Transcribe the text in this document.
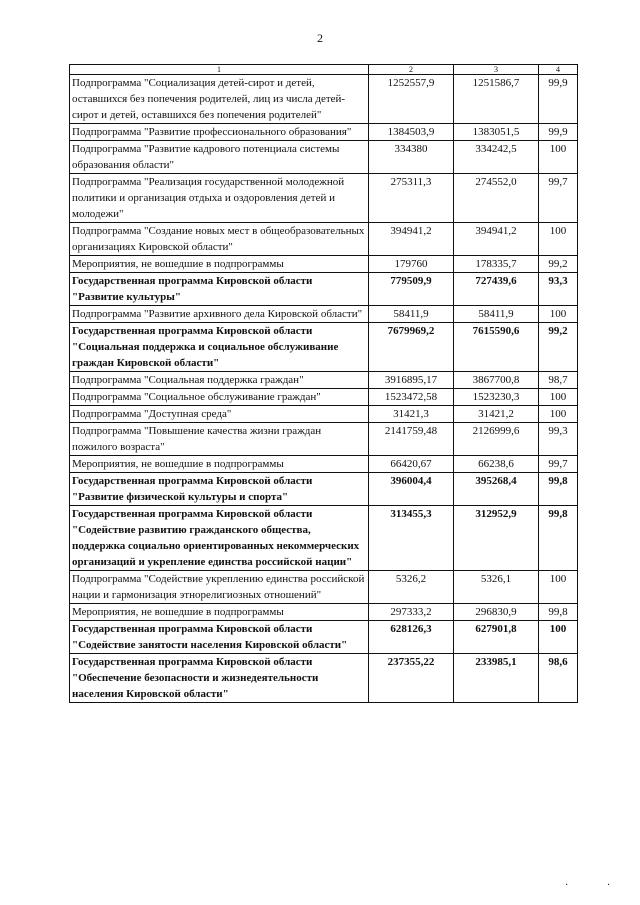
2
1	2	3	4
Подпрограмма "Социализация детей-сирот и детей, оставшихся без попечения родителей, лиц из числа детей-сирот и детей, оставшихся без попечения родителей"	1252557,9	1251586,7	99,9
Подпрограмма "Развитие профессионального образования"	1384503,9	1383051,5	99,9
Подпрограмма "Развитие кадрового потенциала системы образования области"	334380	334242,5	100
Подпрограмма "Реализация государственной молодежной политики и организация отдыха и оздоровления детей и молодежи"	275311,3	274552,0	99,7
Подпрограмма "Создание новых мест в общеобразовательных организациях Кировской области"	394941,2	394941,2	100
Мероприятия, не вошедшие в подпрограммы	179760	178335,7	99,2
Государственная программа Кировской области "Развитие культуры"	779509,9	727439,6	93,3
Подпрограмма "Развитие архивного дела Кировской области"	58411,9	58411,9	100
Государственная программа Кировской области "Социальная поддержка и социальное обслуживание граждан Кировской области"	7679969,2	7615590,6	99,2
Подпрограмма "Социальная поддержка граждан"	3916895,17	3867700,8	98,7
Подпрограмма "Социальное обслуживание граждан"	1523472,58	1523230,3	100
Подпрограмма "Доступная среда"	31421,3	31421,2	100
Подпрограмма "Повышение качества жизни граждан пожилого возраста"	2141759,48	2126999,6	99,3
Мероприятия, не вошедшие в подпрограммы	66420,67	66238,6	99,7
Государственная программа Кировской области "Развитие физической культуры и спорта"	396004,4	395268,4	99,8
Государственная программа Кировской области "Содействие развитию гражданского общества, поддержка социально ориентированных некоммерческих организаций и укрепление единства российской нации"	313455,3	312952,9	99,8
Подпрограмма "Содействие укреплению единства российской нации и гармонизация этнорелигиозных отношений"	5326,2	5326,1	100
Мероприятия, не вошедшие в подпрограммы	297333,2	296830,9	99,8
Государственная программа Кировской области "Содействие занятости населения Кировской области"	628126,3	627901,8	100
Государственная программа Кировской области "Обеспечение безопасности и жизнедеятельности населения Кировской области"	237355,22	233985,1	98,6
· ·
